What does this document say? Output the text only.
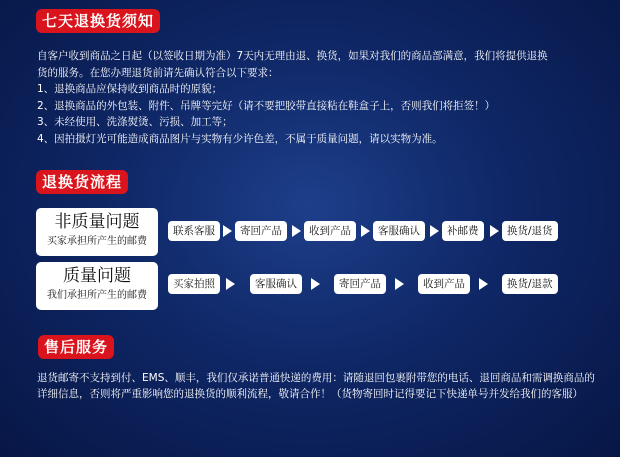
七天退换货须知
自客户收到商品之日起（以签收日期为准）7天内无理由退、换货，如果对我们的商品部满意，我们将提供退换
货的服务。在您办理退货前请先确认符合以下要求：
1、退换商品应保持收到商品时的原貌；
2、退换商品的外包装、附件、吊牌等完好（请不要把胶带直接粘在鞋盒子上，否则我们将拒签！）
3、未经使用、洗涤熨烫、污损、加工等；
4、因拍摄灯光可能造成商品图片与实物有少许色差，不属于质量问题，请以实物为准。
退换货流程
非质量问题
买家承担所产生的邮费
联系客服	寄回产品	收到产品	客服确认	补邮费	换货/退货
质量问题
我们承担所产生的邮费
买家拍照	客服确认	寄回产品	收到产品	换货/退款
售后服务

退货邮寄不支持到付、EMS、顺丰，我们仅承诺普通快递的费用：请随退回包裹附带您的电话、退回商品和需调换商品的详细信息，否则将严重影响您的退换货的顺利流程，敬请合作！（货物寄回时记得要记下快递单号并发给我们的客服）
